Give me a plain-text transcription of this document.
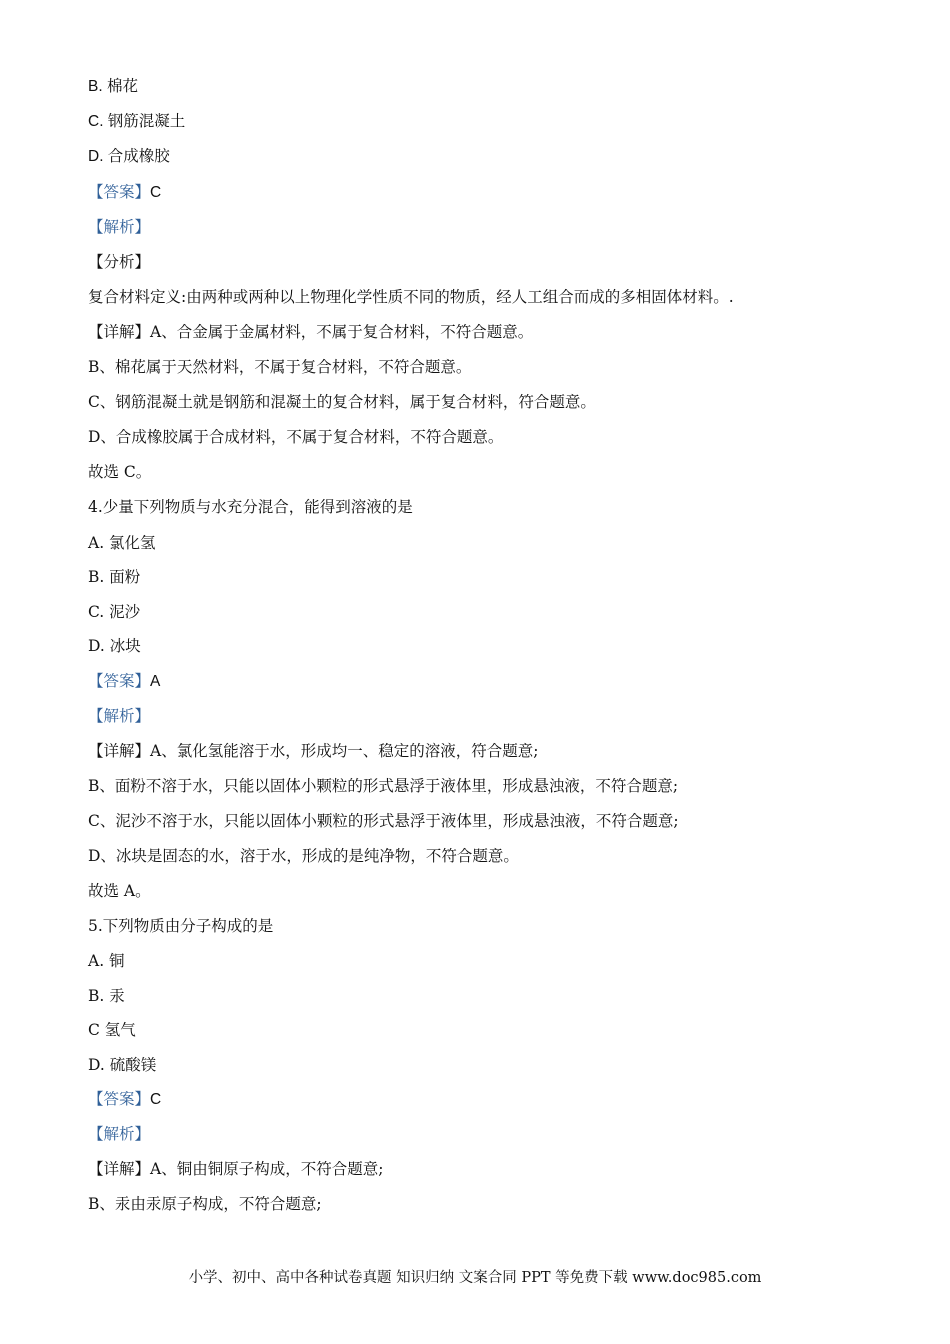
B. 棉花
C. 钢筋混凝土
D. 合成橡胶
【答案】C
【解析】
【分析】
复合材料定义:由两种或两种以上物理化学性质不同的物质，经人工组合而成的多相固体材料。.
【详解】A、合金属于金属材料，不属于复合材料，不符合题意。
B、棉花属于天然材料，不属于复合材料，不符合题意。
C、钢筋混凝土就是钢筋和混凝土的复合材料，属于复合材料，符合题意。
D、合成橡胶属于合成材料，不属于复合材料，不符合题意。
故选 C。
4.少量下列物质与水充分混合，能得到溶液的是
A. 氯化氢
B. 面粉
C. 泥沙
D. 冰块
【答案】A
【解析】
【详解】A、氯化氢能溶于水，形成均一、稳定的溶液，符合题意;
B、面粉不溶于水，只能以固体小颗粒的形式悬浮于液体里，形成悬浊液，不符合题意;
C、泥沙不溶于水，只能以固体小颗粒的形式悬浮于液体里，形成悬浊液，不符合题意;
D、冰块是固态的水，溶于水，形成的是纯净物，不符合题意。
故选 A。
5.下列物质由分子构成的是
A. 铜
B. 汞
C 氢气
D. 硫酸镁
【答案】C
【解析】
【详解】A、铜由铜原子构成，不符合题意;
B、汞由汞原子构成，不符合题意;
小学、初中、高中各种试卷真题 知识归纳 文案合同 PPT 等免费下载 www.doc985.com
